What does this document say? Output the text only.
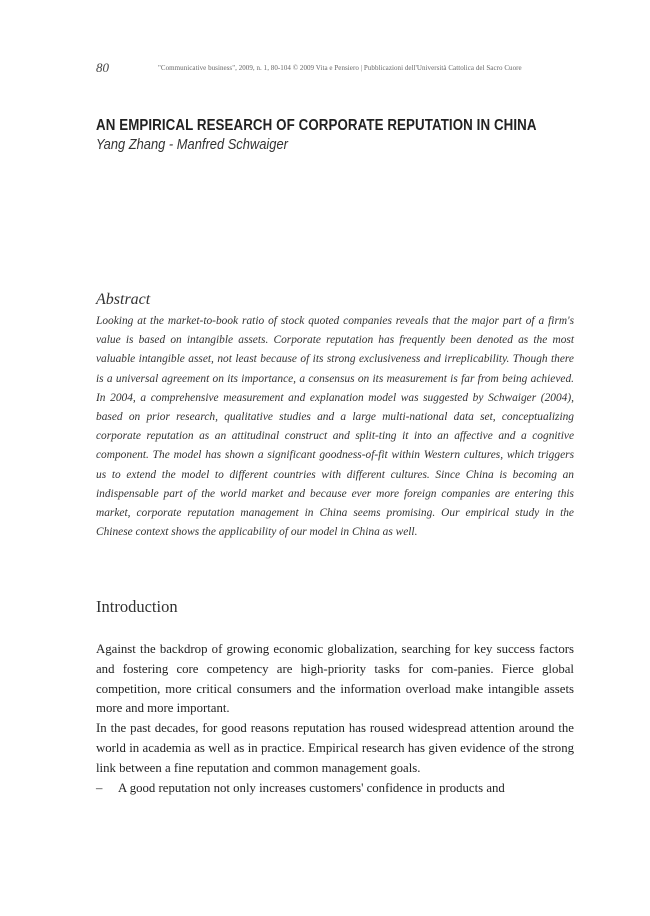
80	"Communicative business", 2009, n. 1, 80-104 © 2009 Vita e Pensiero | Pubblicazioni dell'Università Cattolica del Sacro Cuore
AN EMPIRICAL RESEARCH OF CORPORATE REPUTATION IN CHINA
Yang Zhang - Manfred Schwaiger
Abstract
Looking at the market-to-book ratio of stock quoted companies reveals that the major part of a firm's value is based on intangible assets. Corporate reputation has frequently been denoted as the most valuable intangible asset, not least because of its strong exclusiveness and irreplicability. Though there is a universal agreement on its importance, a consensus on its measurement is far from being achieved. In 2004, a comprehensive measurement and explanation model was suggested by Schwaiger (2004), based on prior research, qualitative studies and a large multi-national data set, conceptualizing corporate reputation as an attitudinal construct and split-ting it into an affective and a cognitive component. The model has shown a significant goodness-of-fit within Western cultures, which triggers us to extend the model to different countries with different cultures. Since China is becoming an indispensable part of the world market and because ever more foreign companies are entering this market, corporate reputation management in China seems promising. Our empirical study in the Chinese context shows the applicability of our model in China as well.
Introduction

Against the backdrop of growing economic globalization, searching for key success factors and fostering core competency are high-priority tasks for com-panies. Fierce global competition, more critical consumers and the information overload make intangible assets more and more important.

In the past decades, for good reasons reputation has roused widespread attention around the world in academia as well as in practice. Empirical research has given evidence of the strong link between a fine reputation and common management goals.

–	A good reputation not only increases customers' confidence in products and
